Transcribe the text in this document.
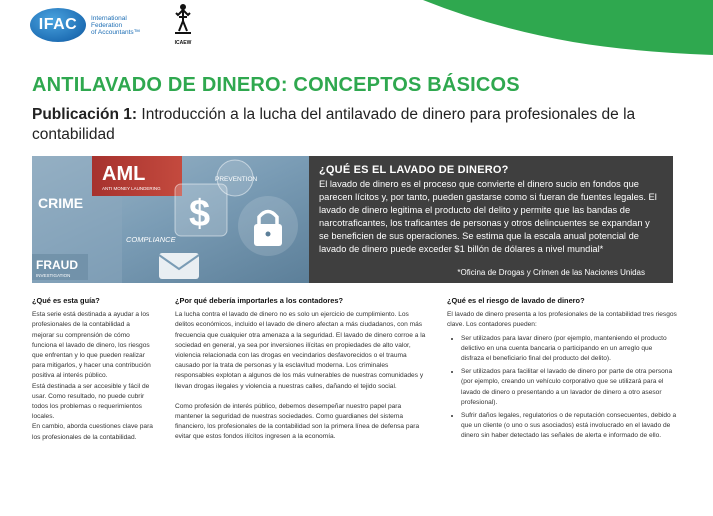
IFAC	International
Federation
of Accountants™
ICAEW
ANTILAVADO DE DINERO: CONCEPTOS BÁSICOS

Publicación 1: Introducción a la lucha del antilavado de dinero para profesionales de la contabilidad

AML
ANTI MONEY LAUNDERING
PREVENTION
CRIME	$
COMPLIANCE
FRAUD
INVESTIGATION
¿QUÉ ES EL LAVADO DE DINERO?

El lavado de dinero es el proceso que convierte el dinero sucio en fondos que parecen lícitos y, por tanto, pueden gastarse como si fueran de fuentes legales. El lavado de dinero legitima el producto del delito y permite que las bandas de narcotraficantes, los traficantes de personas y otros delincuentes se expandan y se beneficien de sus operaciones. Se estima que la escala anual potencial de lavado de dinero puede exceder $1 billón de dólares a nivel mundial*

*Oficina de Drogas y Crimen de las Naciones Unidas
¿Qué es esta guía?

Esta serie está destinada a ayudar a los profesionales de la contabilidad a mejorar su comprensión de cómo funciona el lavado de dinero, los riesgos que enfrentan y lo que pueden realizar para mitigarlos, y hacer una contribución positiva al interés público.

Está destinada a ser accesible y fácil de usar. Como resultado, no puede cubrir todos los problemas o requerimientos locales.

En cambio, aborda cuestiones clave para los profesionales de la contabilidad.

¿Por qué debería importarles a los contadores?

La lucha contra el lavado de dinero no es solo un ejercicio de cumplimiento. Los delitos económicos, incluido el lavado de dinero afectan a más ciudadanos, con más frecuencia que cualquier otra amenaza a la seguridad. El lavado de dinero corroe a la sociedad en general, ya sea por inversiones ilícitas en propiedades de alto valor, violencia relacionada con las drogas en vecindarios desfavorecidos o el trauma causado por la trata de personas y la esclavitud moderna. Los criminales responsables explotan a algunos de los más vulnerables de nuestras comunidades y llevan drogas ilegales y violencia a nuestras calles, dañando el tejido social.

Como profesión de interés público, debemos desempeñar nuestro papel para mantener la seguridad de nuestras sociedades. Como guardianes del sistema financiero, los profesionales de la contabilidad son la primera línea de defensa para evitar que estos fondos ilícitos ingresen a la economía.

¿Qué es el riesgo de lavado de dinero?

El lavado de dinero presenta a los profesionales de la contabilidad tres riesgos clave. Los contadores pueden:

• Ser utilizados para lavar dinero (por ejemplo, manteniendo el producto delictivo en una cuenta bancaria o participando en un arreglo que disfraza el beneficiario final del producto del delito).
• Ser utilizados para facilitar el lavado de dinero por parte de otra persona (por ejemplo, creando un vehículo corporativo que se utilizará para el lavado de dinero o presentando a un lavador de dinero a otro asesor profesional).
• Sufrir daños legales, regulatorios o de reputación consecuentes, debido a que un cliente (o uno o sus asociados) está involucrado en el lavado de dinero sin haber detectado las señales de alerta e informado de ello.
